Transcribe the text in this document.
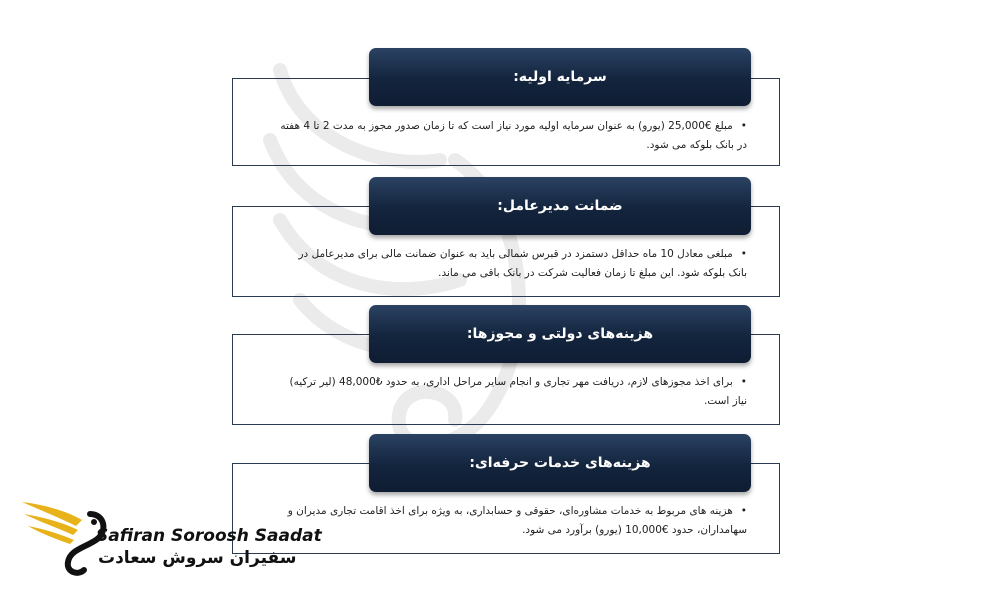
•مبلغ €25,000 (یورو) به عنوان سرمایه اولیه مورد نیاز است که تا زمان صدور مجوز به مدت 2 تا 4 هفته در بانک بلوکه می شود.
سرمایه اولیه:
•مبلغی معادل 10 ماه حداقل دستمزد در قبرس شمالی باید به عنوان ضمانت مالی برای مدیرعامل در بانک بلوکه شود. این مبلغ تا زمان فعالیت شرکت در بانک باقی می ماند.
ضمانت مدیرعامل:
•برای اخذ مجوزهای لازم، دریافت مهر تجاری و انجام سایر مراحل اداری، به حدود ₺48,000 (لیر ترکیه) نیاز است.
هزینه‌های دولتی و مجوزها:
•هزینه های مربوط به خدمات مشاوره‌ای، حقوقی و حسابداری، به ویژه برای اخذ اقامت تجاری مدیران و سهامداران، حدود €10,000 (یورو) برآورد می شود.
هزینه‌های خدمات حرفه‌ای:
Safiran Soroosh Saadat
سفیران سروش سعادت
